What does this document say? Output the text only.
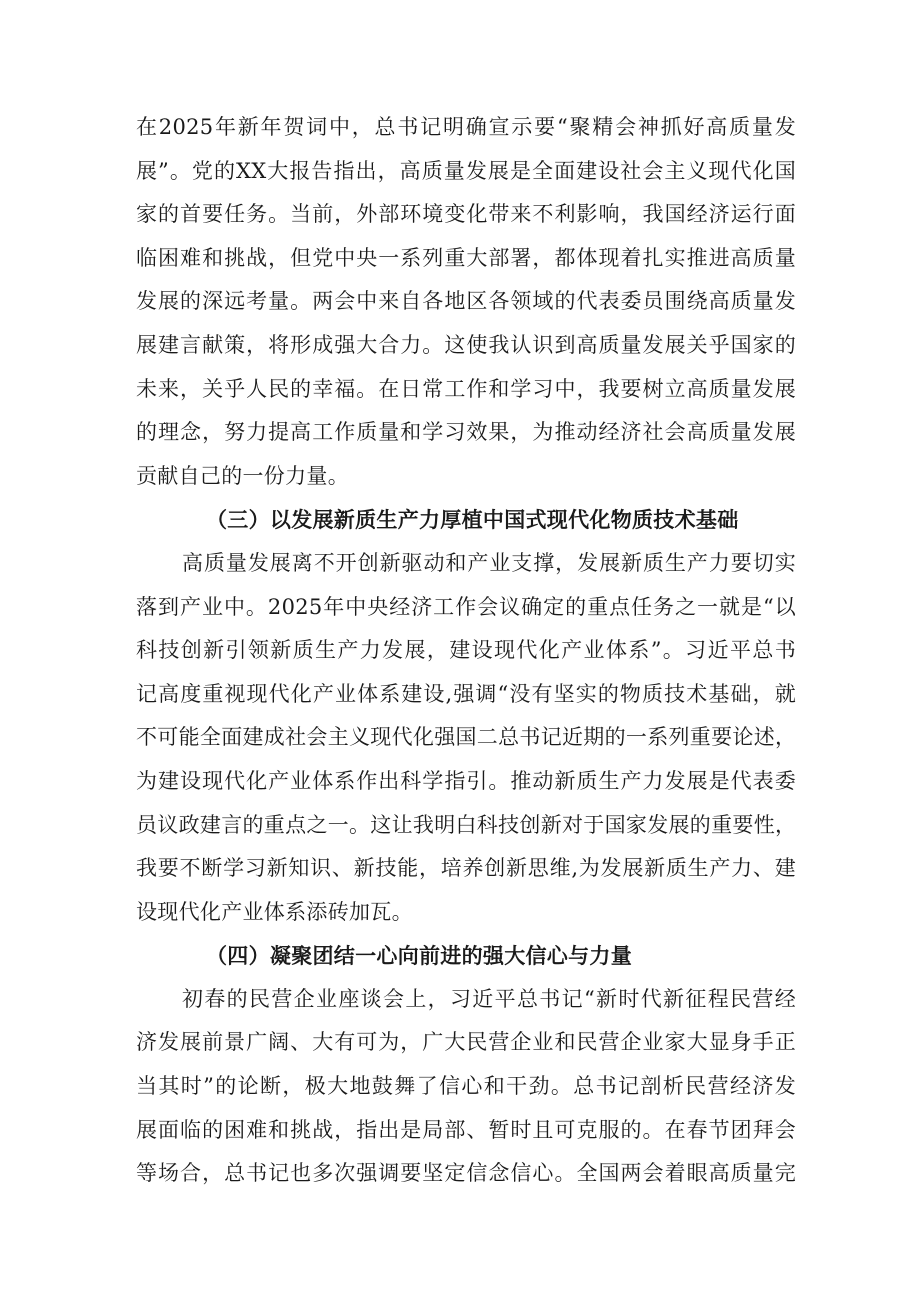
在2025年新年贺词中，总书记明确宣示要“聚精会神抓好高质量发
展”。党的XX大报告指出，高质量发展是全面建设社会主义现代化国
家的首要任务。当前，外部环境变化带来不利影响，我国经济运行面
临困难和挑战，但党中央一系列重大部署，都体现着扎实推进高质量
发展的深远考量。两会中来自各地区各领域的代表委员围绕高质量发
展建言献策，将形成强大合力。这使我认识到高质量发展关乎国家的
未来，关乎人民的幸福。在日常工作和学习中，我要树立高质量发展
的理念，努力提高工作质量和学习效果，为推动经济社会高质量发展
贡献自己的一份力量。
（三）以发展新质生产力厚植中国式现代化物质技术基础
高质量发展离不开创新驱动和产业支撑，发展新质生产力要切实
落到产业中。2025年中央经济工作会议确定的重点任务之一就是“以
科技创新引领新质生产力发展，建设现代化产业体系”。习近平总书
记高度重视现代化产业体系建设,强调“没有坚实的物质技术基础，就
不可能全面建成社会主义现代化强国二总书记近期的一系列重要论述，
为建设现代化产业体系作出科学指引。推动新质生产力发展是代表委
员议政建言的重点之一。这让我明白科技创新对于国家发展的重要性，
我要不断学习新知识、新技能，培养创新思维,为发展新质生产力、建
设现代化产业体系添砖加瓦。
（四）凝聚团结一心向前进的强大信心与力量
初春的民营企业座谈会上，习近平总书记“新时代新征程民营经
济发展前景广阔、大有可为，广大民营企业和民营企业家大显身手正
当其时”的论断，极大地鼓舞了信心和干劲。总书记剖析民营经济发
展面临的困难和挑战，指出是局部、暂时且可克服的。在春节团拜会
等场合，总书记也多次强调要坚定信念信心。全国两会着眼高质量完
